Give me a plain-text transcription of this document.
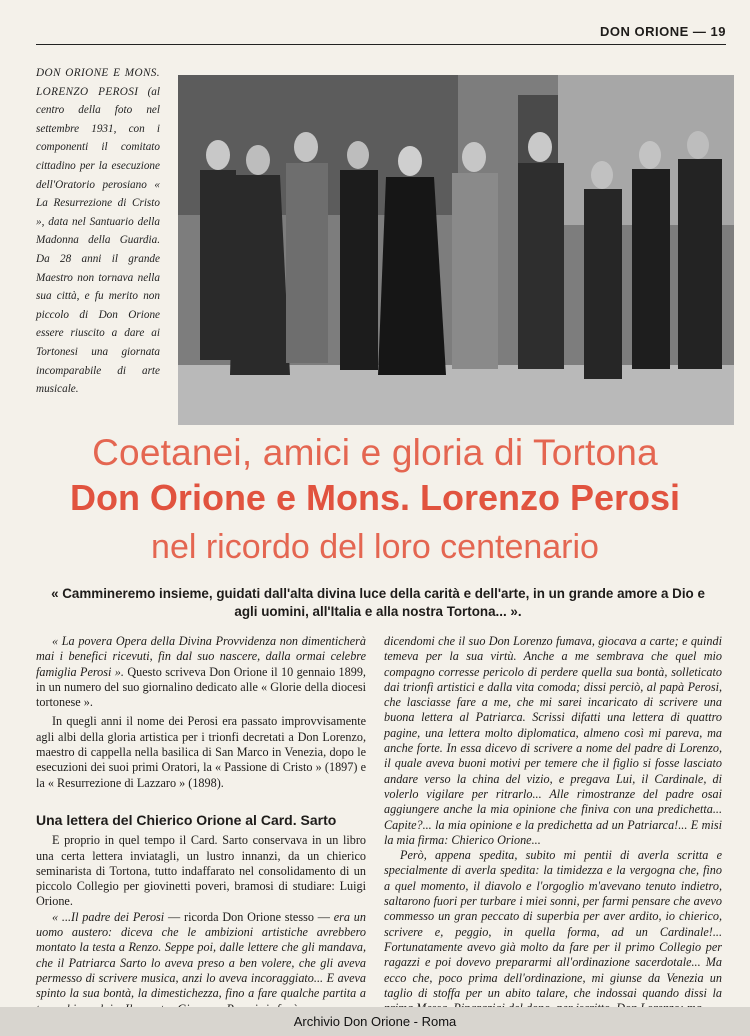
DON ORIONE — 19
DON ORIONE E MONS. LORENZO PEROSI (al centro della foto nel settembre 1931, con i componenti il comitato cittadino per la esecuzione dell'Oratorio perosiano « La Resurrezione di Cristo », data nel Santuario della Madonna della Guardia. Da 28 anni il grande Maestro non tornava nella sua città, e fu merito non piccolo di Don Orione essere riuscito a dare ai Tortonesi una giornata incomparabile di arte musicale.
Coetanei, amici e gloria di Tortona
Don Orione e Mons. Lorenzo Perosi
nel ricordo del loro centenario
« Cammineremo insieme, guidati dall'alta divina luce della carità e dell'arte, in un grande amore a Dio e agli uomini, all'Italia e alla nostra Tortona... ».

« La povera Opera della Divina Provvidenza non dimenticherà mai i benefici ricevuti, fin dal suo nascere, dalla ormai celebre famiglia Perosi ». Questo scriveva Don Orione il 10 gennaio 1899, in un numero del suo giornalino dedicato alle « Glorie della diocesi tortonese ».

In quegli anni il nome dei Perosi era passato improvvisamente agli albi della gloria artistica per i trionfi decretati a Don Lorenzo, maestro di cappella nella basilica di San Marco in Venezia, dopo le esecuzioni dei suoi primi Oratori, la « Passione di Cristo » (1897) e la « Resurrezione di Lazzaro » (1898).

Una lettera del Chierico Orione al Card. Sarto

E proprio in quel tempo il Card. Sarto conservava in un libro una certa lettera inviatagli, un lustro innanzi, da un chierico seminarista di Tortona, tutto indaffarato nel consolidamento di un piccolo Collegio per giovinetti poveri, bramosi di studiare: Luigi Orione.

« ...Il padre dei Perosi — ricorda Don Orione stesso — era un uomo austero: diceva che le ambizioni artistiche avrebbero montato la testa a Renzo. Seppe poi, dalle lettere che gli mandava, che il Patriarca Sarto lo aveva preso a ben volere, che gli aveva permesso di scrivere musica, anzi lo aveva incoraggiato... E aveva spinto la sua bontà, la dimestichezza, fino a fare qualche partita a

dicendomi che il suo Don Lorenzo fumava, giocava a carte; e quindi temeva per la sua virtù. Anche a me sembrava che quel mio compagno corresse pericolo di perdere quella sua bontà, solleticato dai trionfi artistici e dalla vita comoda; dissi perciò, al papà Perosi, che lasciasse fare a me, che mi sarei incaricato di scrivere una buona lettera al Patriarca. Scrissi difatti una lettera di quattro pagine, una lettera molto diplomatica, almeno così mi pareva, ma anche forte. In essa dicevo di scrivere a nome del padre di Lorenzo, il quale aveva buoni motivi per temere che il figlio si fosse lasciato andare verso la china del vizio, e pregava Lui, il Cardinale, di volerlo vigilare per ritrarlo... Alle rimostranze del padre osai aggiungere anche la mia opinione che finiva con una predichetta... Capite?... la mia opinione e la predichetta ad un Patriarca!... E misi la mia firma: Chierico Orione...

Però, appena spedita, subito mi pentii di averla scritta e specialmente di averla spedita: la timidezza e la vergogna che, fino a quel momento, il diavolo e l'orgoglio m'avevano tenuto indietro, saltarono fuori per turbare i miei sonni, per farmi pensare che avevo commesso un gran peccato di superbia per aver ardito, io chierico, scrivere e, peggio, in quella forma, ad un Cardinale!... Fortunatamente avevo già molto da fare per il primo Collegio per ragazzi e poi dovevo prepararmi all'ordinazione sacerdotale... Ma ecco che, poco prima dell'ordinazione, mi giunse da Venezia un taglio di stoffa per un abito talare, che indossai quando dissi la

Archivio Don Orione - Roma
